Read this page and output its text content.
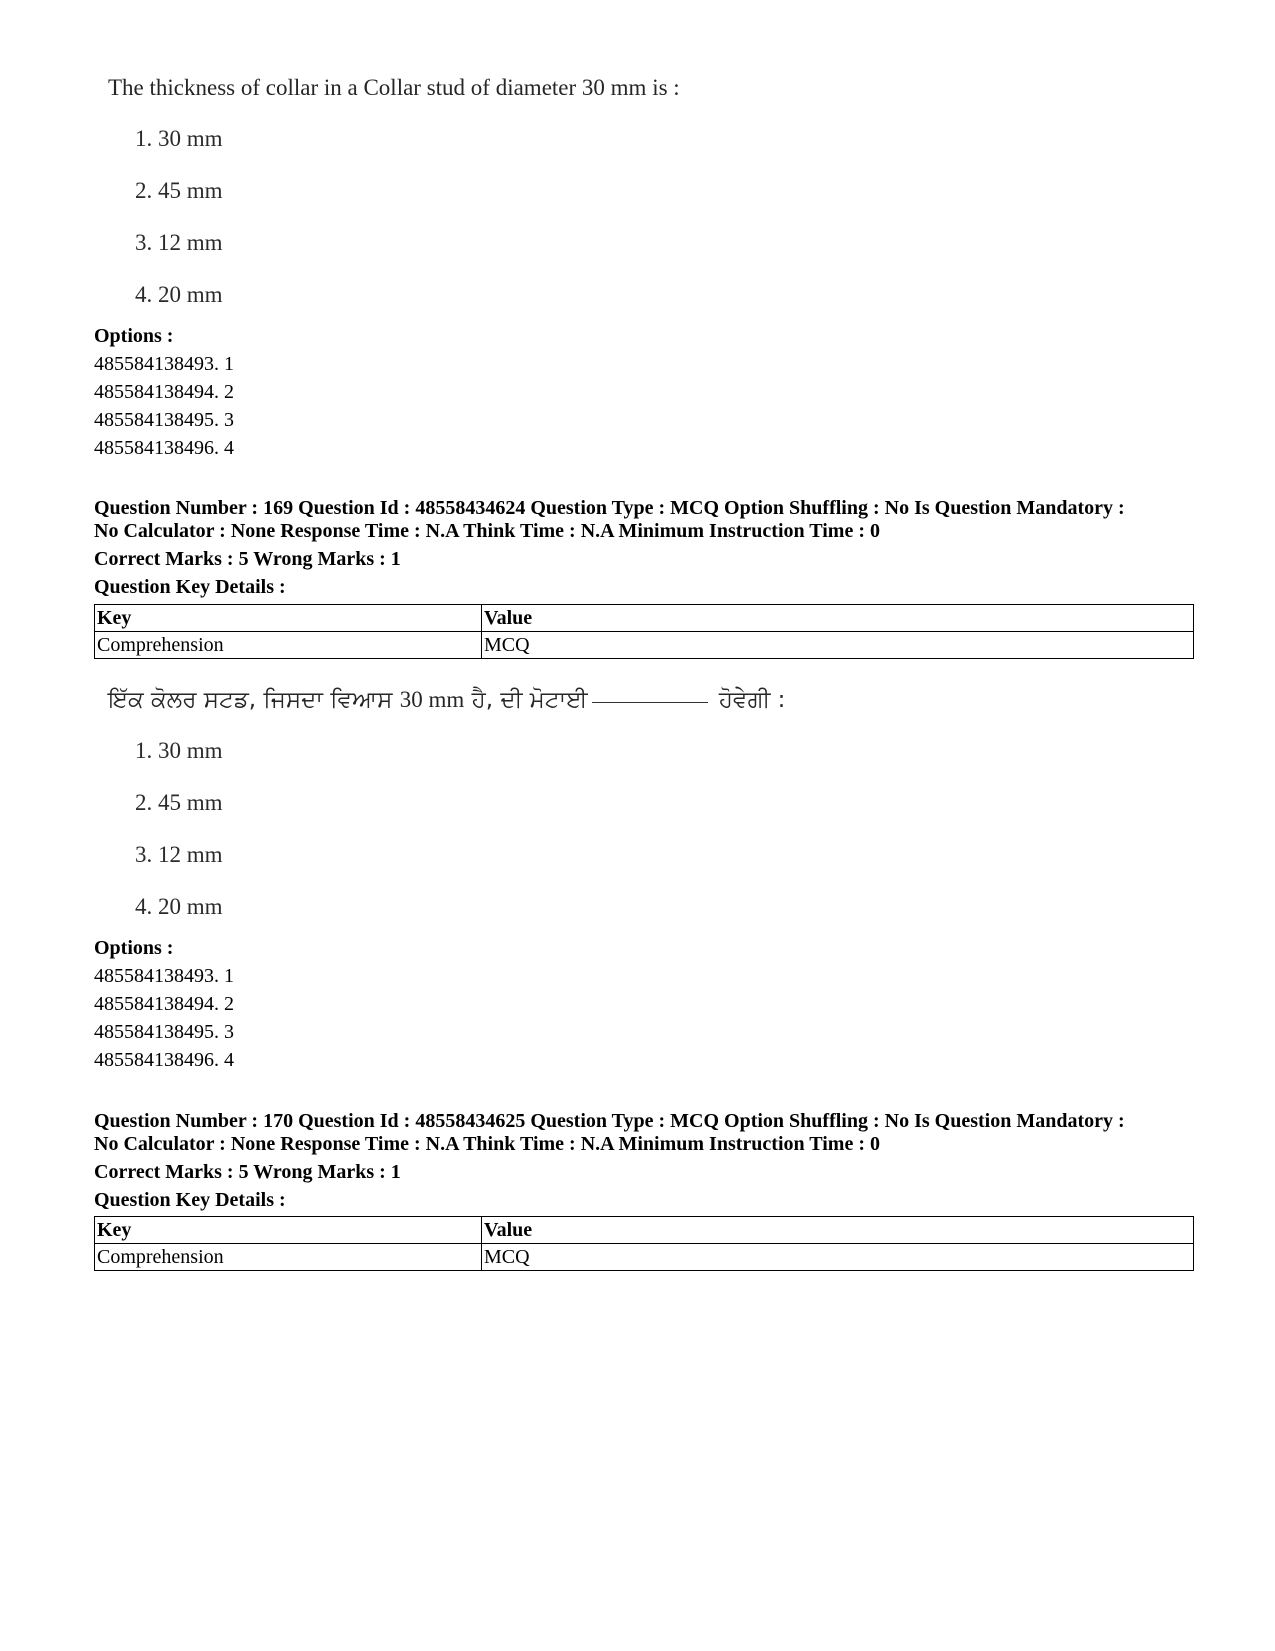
The thickness of collar in a Collar stud of diameter 30 mm is :
1. 30 mm
2. 45 mm
3. 12 mm
4. 20 mm
Options :
485584138493. 1
485584138494. 2
485584138495. 3
485584138496. 4
Question Number : 169 Question Id : 48558434624 Question Type : MCQ Option Shuffling : No Is Question Mandatory :
No Calculator : None Response Time : N.A Think Time : N.A Minimum Instruction Time : 0
Correct Marks : 5 Wrong Marks : 1
Question Key Details :
Key	Value
Comprehension	MCQ
ਇੱਕ ਕੋਲਰ ਸਟਡ, ਜਿਸਦਾ ਵਿਆਸ 30 mm ਹੈ, ਦੀ ਮੋਟਾਈ	ਹੋਵੇਗੀ :
1. 30 mm
2. 45 mm
3. 12 mm
4. 20 mm
Options :
485584138493. 1
485584138494. 2
485584138495. 3
485584138496. 4
Question Number : 170 Question Id : 48558434625 Question Type : MCQ Option Shuffling : No Is Question Mandatory :
No Calculator : None Response Time : N.A Think Time : N.A Minimum Instruction Time : 0
Correct Marks : 5 Wrong Marks : 1
Question Key Details :
Key	Value
Comprehension	MCQ
